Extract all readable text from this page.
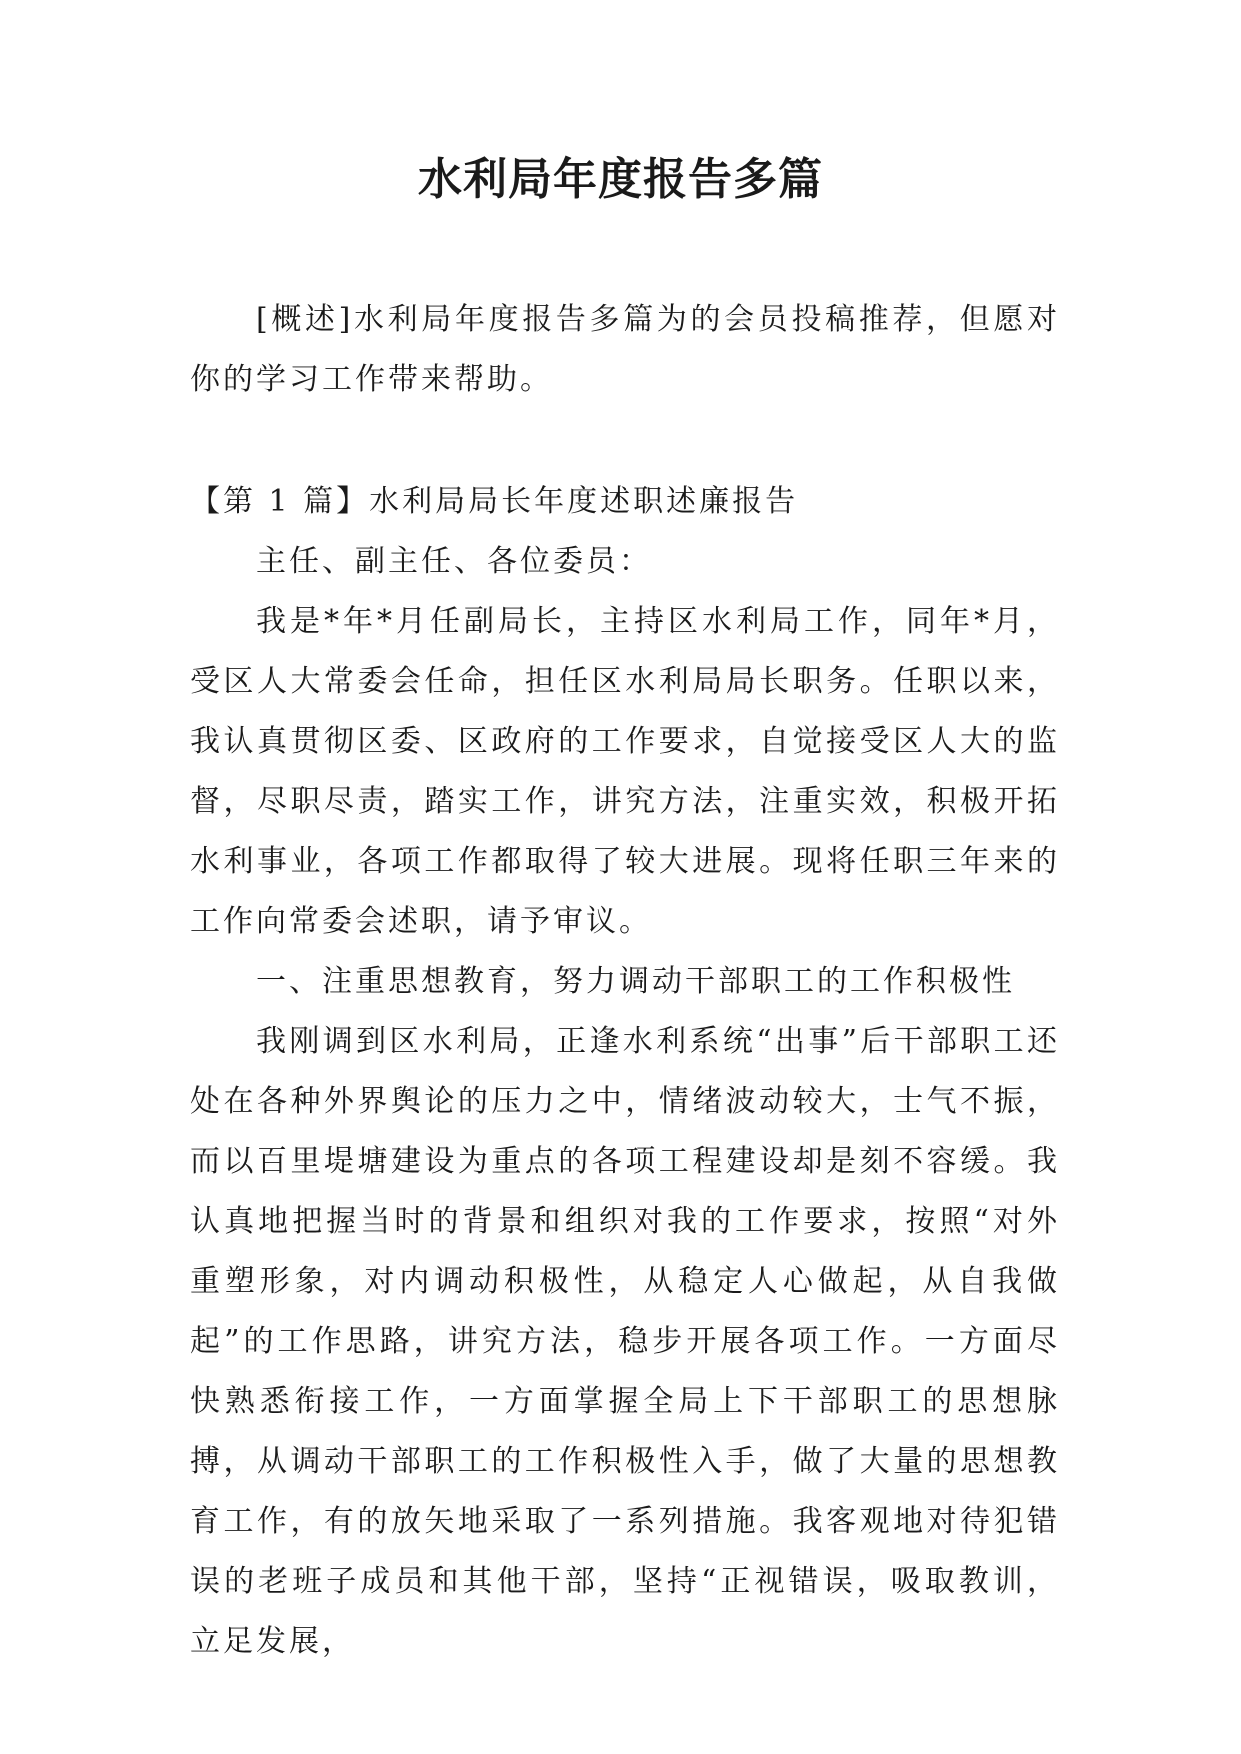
水利局年度报告多篇

[概述]水利局年度报告多篇为的会员投稿推荐，但愿对你的学习工作带来帮助。

【第 1 篇】水利局局长年度述职述廉报告

主任、副主任、各位委员：

我是*年*月任副局长，主持区水利局工作，同年*月，受区人大常委会任命，担任区水利局局长职务。任职以来，我认真贯彻区委、区政府的工作要求，自觉接受区人大的监督，尽职尽责，踏实工作，讲究方法，注重实效，积极开拓水利事业，各项工作都取得了较大进展。现将任职三年来的工作向常委会述职，请予审议。

一、注重思想教育，努力调动干部职工的工作积极性

我刚调到区水利局，正逢水利系统“出事”后干部职工还处在各种外界舆论的压力之中，情绪波动较大，士气不振，而以百里堤塘建设为重点的各项工程建设却是刻不容缓。我认真地把握当时的背景和组织对我的工作要求，按照“对外重塑形象，对内调动积极性，从稳定人心做起，从自我做起”的工作思路，讲究方法，稳步开展各项工作。一方面尽快熟悉衔接工作，一方面掌握全局上下干部职工的思想脉搏，从调动干部职工的工作积极性入手，做了大量的思想教育工作，有的放矢地采取了一系列措施。我客观地对待犯错误的老班子成员和其他干部，坚持“正视错误，吸取教训，立足发展，
